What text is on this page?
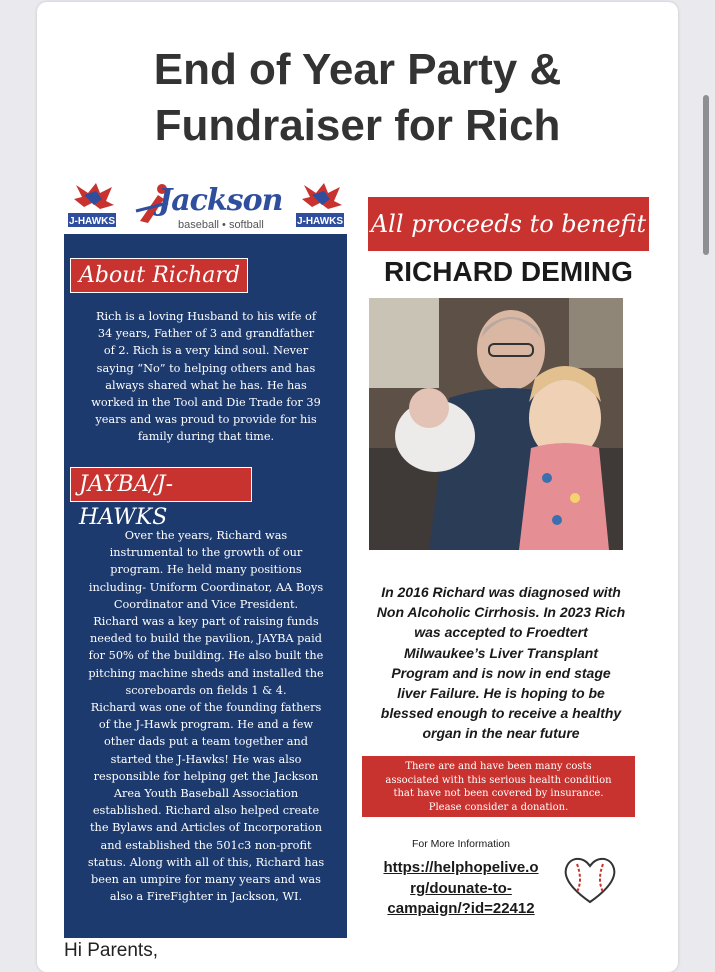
End of Year Party &
Fundraiser for Rich
J-HAWKS
Jackson
baseball • softball	J-HAWKS
About Richard
Rich is a loving Husband to his wife of
34 years, Father of 3 and grandfather
of 2. Rich is a very kind soul. Never
saying “No” to helping others and has
always shared what he has. He has
worked in the Tool and Die Trade for 39
years and was proud to provide for his
family during that time.
JAYBA/J-HAWKS
Over the years, Richard was
instrumental to the growth of our
program. He held many positions
including- Uniform Coordinator, AA Boys
Coordinator and Vice President.
Richard was a key part of raising funds
needed to build the pavilion, JAYBA paid
for 50% of the building. He also built the
pitching machine sheds and installed the
scoreboards on fields 1 & 4.
Richard was one of the founding fathers
of the J-Hawk program. He and a few
other dads put a team together and
started the J-Hawks! He was also
responsible for helping get the Jackson
Area Youth Baseball Association
established. Richard also helped create
the Bylaws and Articles of Incorporation
and established the 501c3 non-profit
status. Along with all of this, Richard has
been an umpire for many years and was
also a FireFighter in Jackson, WI.
All proceeds to benefit
RICHARD DEMING
In 2016 Richard was diagnosed with
Non Alcoholic Cirrhosis. In 2023 Rich
was accepted to Froedtert
Milwaukee’s Liver Transplant
Program and is now in end stage
liver Failure. He is hoping to be
blessed enough to receive a healthy
organ in the near future
There are and have been many costs
associated with this serious health condition
that have not been covered by insurance.
Please consider a donation.
For More Information
https://helphopelive.o
rg/dounate-to-
campaign/?id=22412
Hi Parents,
